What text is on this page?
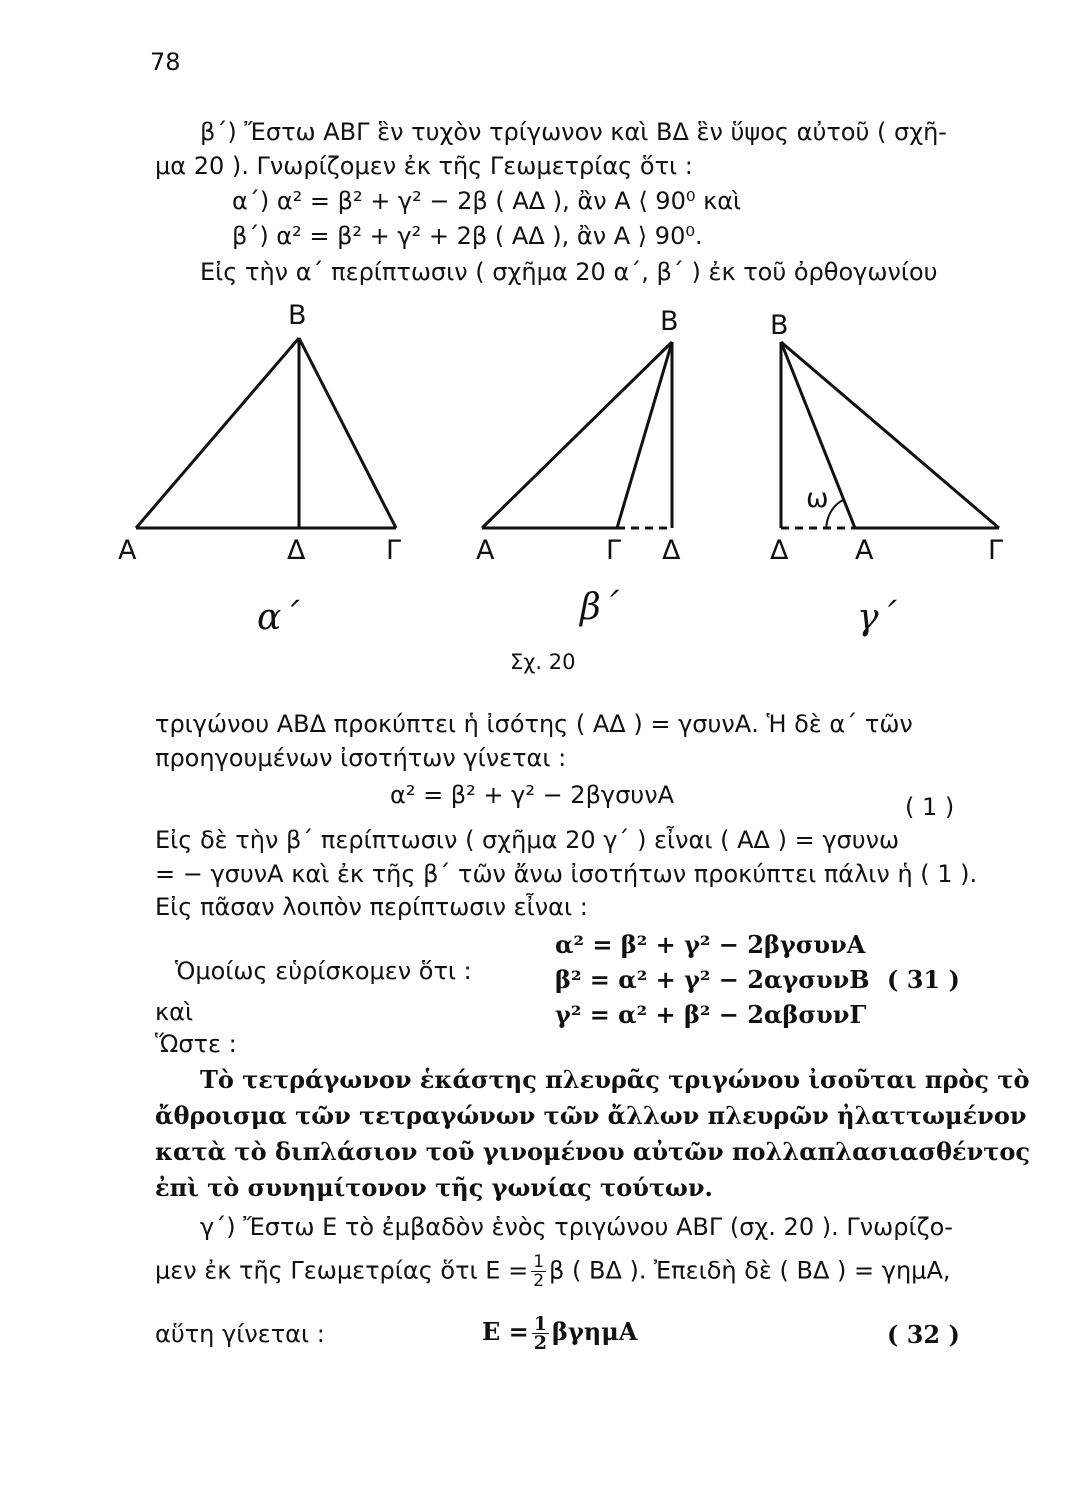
78
β΄) Ἔστω ΑΒΓ ἓν τυχὸν τρίγωνον καὶ ΒΔ ἓν ὕψος αὐτοῦ ( σχῆ-
μα 20 ). Γνωρίζομεν ἐκ τῆς Γεωμετρίας ὅτι :
α΄) α² = β² + γ² − 2β ( ΑΔ ), ἂν Α ⟨ 90⁰ καὶ
β΄) α² = β² + γ² + 2β ( ΑΔ ), ἂν Α ⟩ 90⁰.
Εἰς τὴν α΄ περίπτωσιν ( σχῆμα 20 α΄, β΄ ) ἐκ τοῦ ὀρθογωνίου
B
A	Δ	Γ
α΄
B
A	Γ Δ
β΄
B
Δ A	Γ
ω
γ΄
Σχ. 20
τριγώνου ΑΒΔ προκύπτει ἡ ἰσότης ( ΑΔ ) = γσυνΑ. Ἡ δὲ α΄ τῶν
προηγουμένων ἰσοτήτων γίνεται :
α² = β² + γ² − 2βγσυνΑ	( 1 )
Εἰς δὲ τὴν β΄ περίπτωσιν ( σχῆμα 20 γ΄ ) εἶναι ( ΑΔ ) = γσυνω
= − γσυνΑ καὶ ἐκ τῆς β΄ τῶν ἄνω ἰσοτήτων προκύπτει πάλιν ἡ ( 1 ).
Εἰς πᾶσαν λοιπὸν περίπτωσιν εἶναι :
Ὁμοίως εὑρίσκομεν ὅτι :
καὶ
Ὥστε :
α² = β² + γ² − 2βγσυνΑ
β² = α² + γ² − 2αγσυνΒ
γ² = α² + β² − 2αβσυνΓ
( 31 )
Τὸ τετράγωνον ἑκάστης πλευρᾶς τριγώνου ἰσοῦται πρὸς τὸ
ἄθροισμα τῶν τετραγώνων τῶν ἄλλων πλευρῶν ἠλαττωμένον
κατὰ τὸ διπλάσιον τοῦ γινομένου αὐτῶν πολλαπλασιασθέντος
ἐπὶ τὸ συνημίτονον τῆς γωνίας τούτων.
γ΄) Ἔστω Ε τὸ ἐμβαδὸν ἑνὸς τριγώνου ΑΒΓ (σχ. 20 ). Γνωρίζο-
μεν ἐκ τῆς Γεωμετρίας ὅτι $E = \frac{1}{2}$ β ( ΒΔ ). Ἐπειδὴ δὲ ( ΒΔ ) = γημΑ,
αὕτη γίνεται :	$E = \frac{1}{2}$ βγημΑ	( 32 )
